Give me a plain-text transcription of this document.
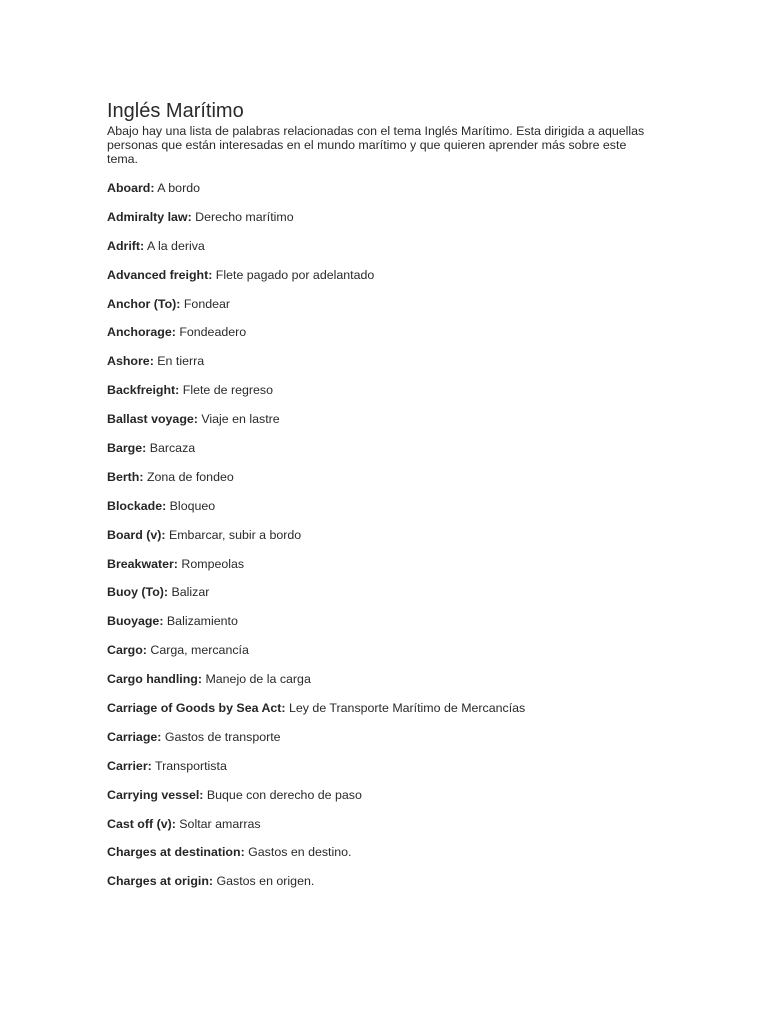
Inglés Marítimo

Abajo hay una lista de palabras relacionadas con el tema Inglés Marítimo. Esta dirigida a aquellas personas que están interesadas en el mundo marítimo y que quieren aprender más sobre este tema.

Aboard: A bordo
Admiralty law: Derecho marítimo
Adrift: A la deriva
Advanced freight: Flete pagado por adelantado
Anchor (To): Fondear
Anchorage: Fondeadero
Ashore: En tierra
Backfreight: Flete de regreso
Ballast voyage: Viaje en lastre
Barge: Barcaza
Berth: Zona de fondeo
Blockade: Bloqueo
Board (v): Embarcar, subir a bordo
Breakwater: Rompeolas
Buoy (To): Balizar
Buoyage: Balizamiento
Cargo: Carga, mercancía
Cargo handling: Manejo de la carga
Carriage of Goods by Sea Act: Ley de Transporte Marítimo de Mercancías
Carriage: Gastos de transporte
Carrier: Transportista
Carrying vessel: Buque con derecho de paso
Cast off (v): Soltar amarras
Charges at destination: Gastos en destino.
Charges at origin: Gastos en origen.
